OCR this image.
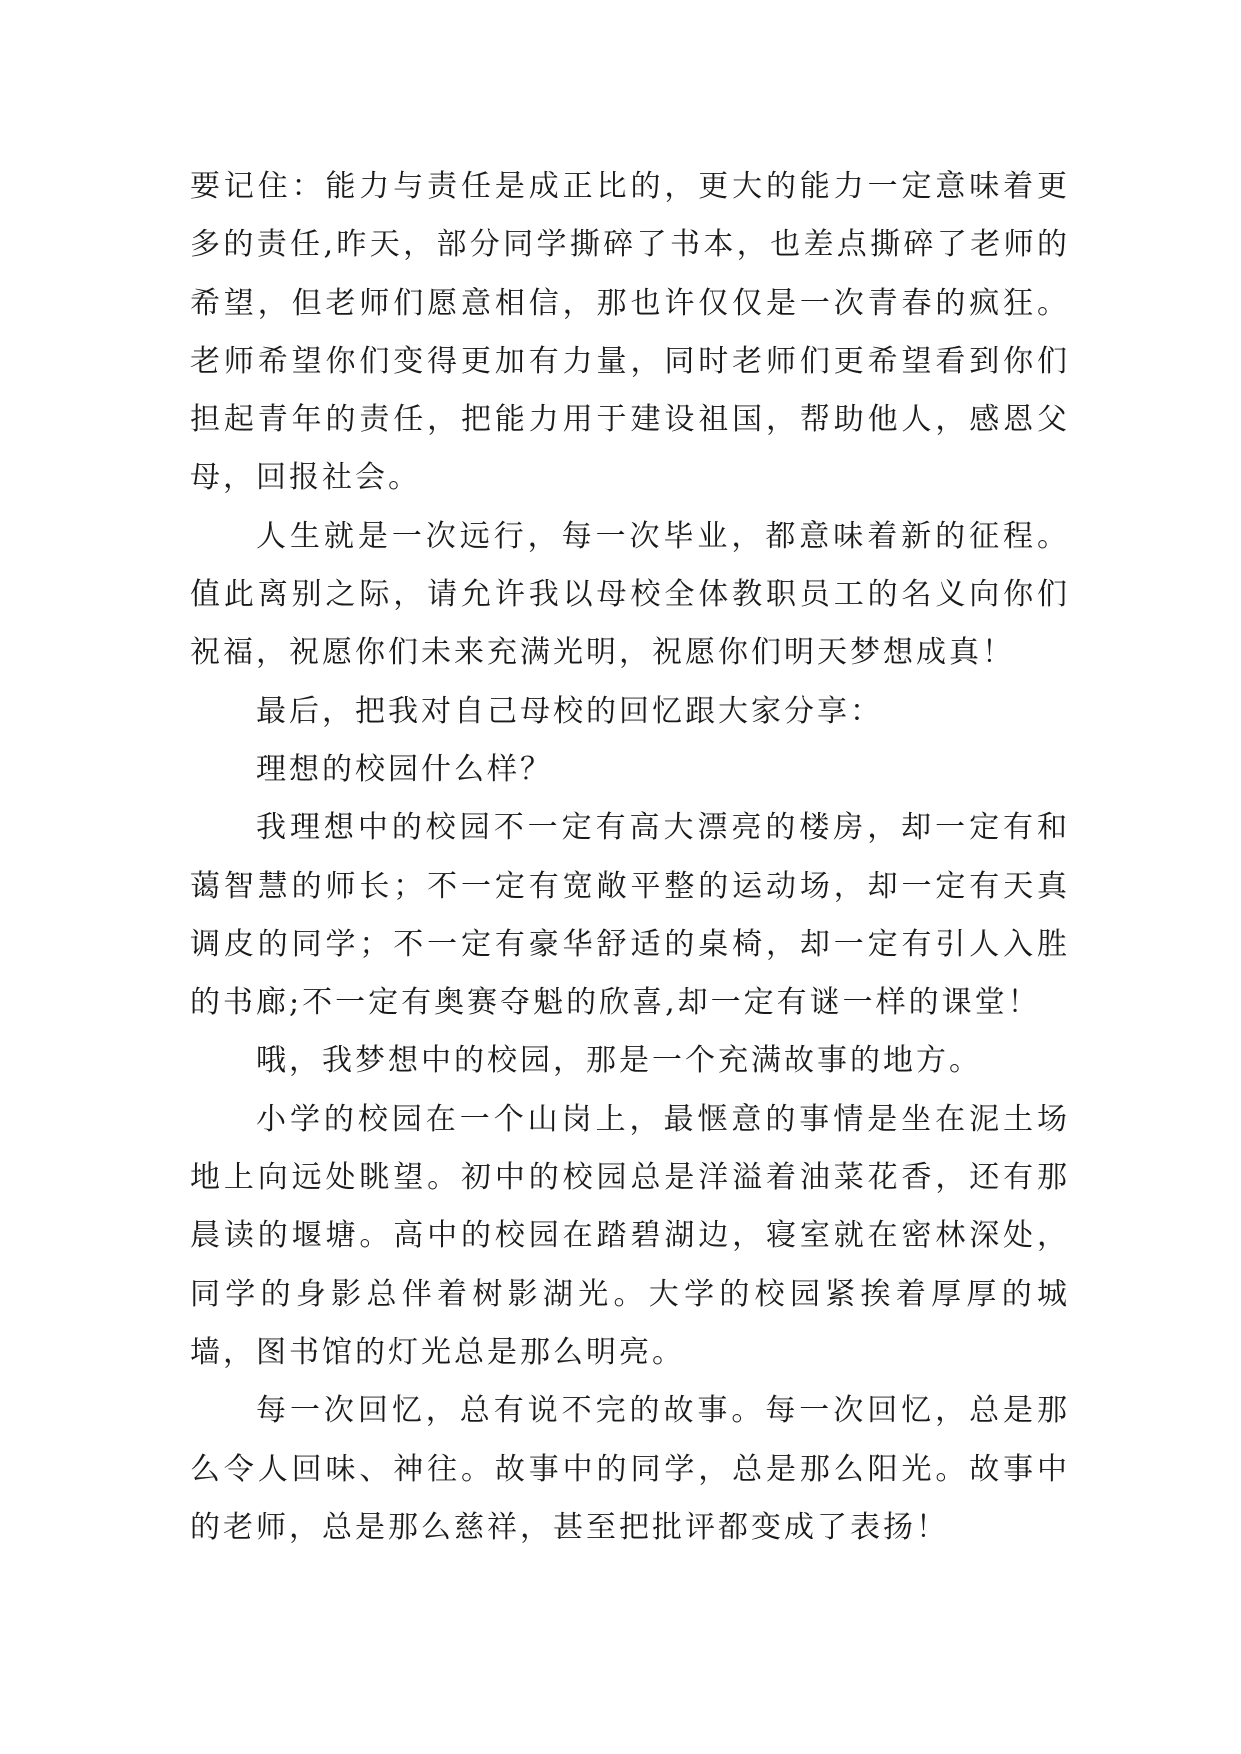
要记住：能力与责任是成正比的，更大的能力一定意味着更多的责任,昨天，部分同学撕碎了书本，也差点撕碎了老师的希望，但老师们愿意相信，那也许仅仅是一次青春的疯狂。老师希望你们变得更加有力量，同时老师们更希望看到你们担起青年的责任，把能力用于建设祖国，帮助他人，感恩父母，回报社会。

人生就是一次远行，每一次毕业，都意味着新的征程。值此离别之际，请允许我以母校全体教职员工的名义向你们祝福，祝愿你们未来充满光明，祝愿你们明天梦想成真！

最后，把我对自己母校的回忆跟大家分享：

理想的校园什么样？

我理想中的校园不一定有高大漂亮的楼房，却一定有和蔼智慧的师长；不一定有宽敞平整的运动场，却一定有天真调皮的同学；不一定有豪华舒适的桌椅，却一定有引人入胜的书廊;不一定有奥赛夺魁的欣喜,却一定有谜一样的课堂！

哦，我梦想中的校园，那是一个充满故事的地方。

小学的校园在一个山岗上，最惬意的事情是坐在泥土场地上向远处眺望。初中的校园总是洋溢着油菜花香，还有那晨读的堰塘。高中的校园在踏碧湖边，寝室就在密林深处，同学的身影总伴着树影湖光。大学的校园紧挨着厚厚的城墙，图书馆的灯光总是那么明亮。

每一次回忆，总有说不完的故事。每一次回忆，总是那么令人回味、神往。故事中的同学，总是那么阳光。故事中的老师，总是那么慈祥，甚至把批评都变成了表扬！
